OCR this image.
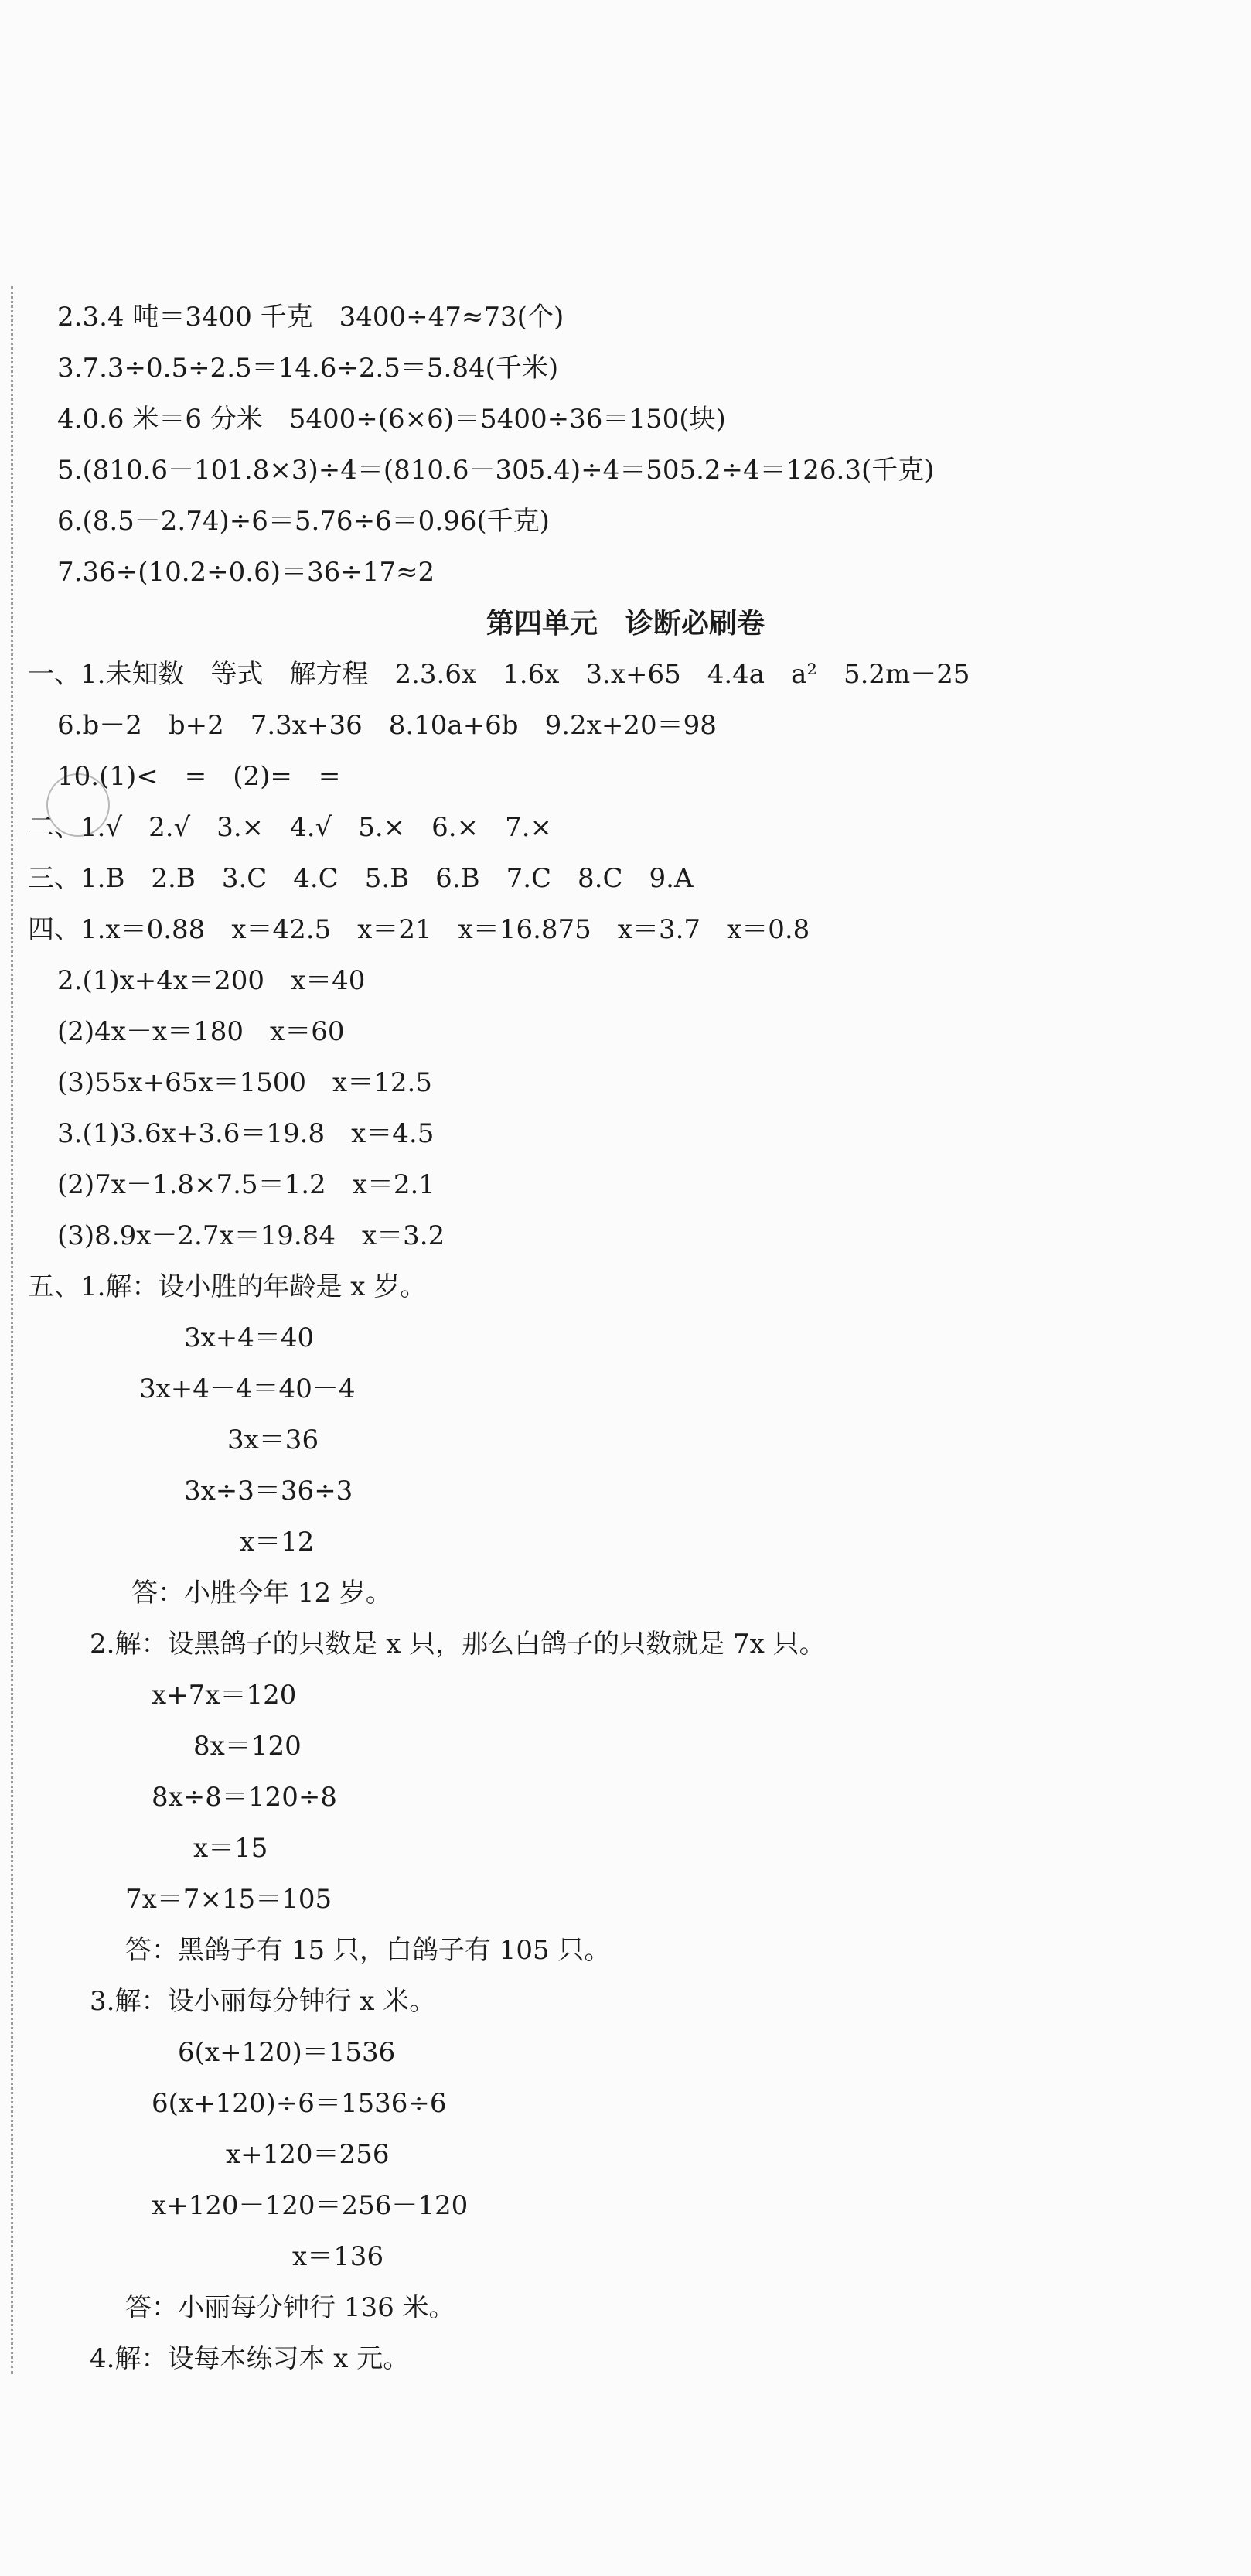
2.3.4 吨＝3400 千克　3400÷47≈73(个)
3.7.3÷0.5÷2.5＝14.6÷2.5＝5.84(千米)
4.0.6 米＝6 分米　5400÷(6×6)＝5400÷36＝150(块)
5.(810.6－101.8×3)÷4＝(810.6－305.4)÷4＝505.2÷4＝126.3(千克)
6.(8.5－2.74)÷6＝5.76÷6＝0.96(千克)
7.36÷(10.2÷0.6)＝36÷17≈2
第四单元　诊断必刷卷
一、1.未知数　等式　解方程　2.3.6x　1.6x　3.x+65　4.4a　a²　5.2m－25
6.b－2　b+2　7.3x+36　8.10a+6b　9.2x+20＝98
10.(1)<　=　(2)=　=
二、1.√　2.√　3.×　4.√　5.×　6.×　7.×
三、1.B　2.B　3.C　4.C　5.B　6.B　7.C　8.C　9.A
四、1.x＝0.88　x＝42.5　x＝21　x＝16.875　x＝3.7　x＝0.8
2.(1)x+4x＝200　x＝40
(2)4x－x＝180　x＝60
(3)55x+65x＝1500　x＝12.5
3.(1)3.6x+3.6＝19.8　x＝4.5
(2)7x－1.8×7.5＝1.2　x＝2.1
(3)8.9x－2.7x＝19.84　x＝3.2
五、1.解：设小胜的年龄是 x 岁。
3x+4＝40
3x+4－4＝40－4
3x＝36
3x÷3＝36÷3
x＝12
答：小胜今年 12 岁。
2.解：设黑鸽子的只数是 x 只，那么白鸽子的只数就是 7x 只。
x+7x＝120
8x＝120
8x÷8＝120÷8
x＝15
7x＝7×15＝105
答：黑鸽子有 15 只，白鸽子有 105 只。
3.解：设小丽每分钟行 x 米。
6(x+120)＝1536
6(x+120)÷6＝1536÷6
x+120＝256
x+120－120＝256－120
x＝136
答：小丽每分钟行 136 米。
4.解：设每本练习本 x 元。
